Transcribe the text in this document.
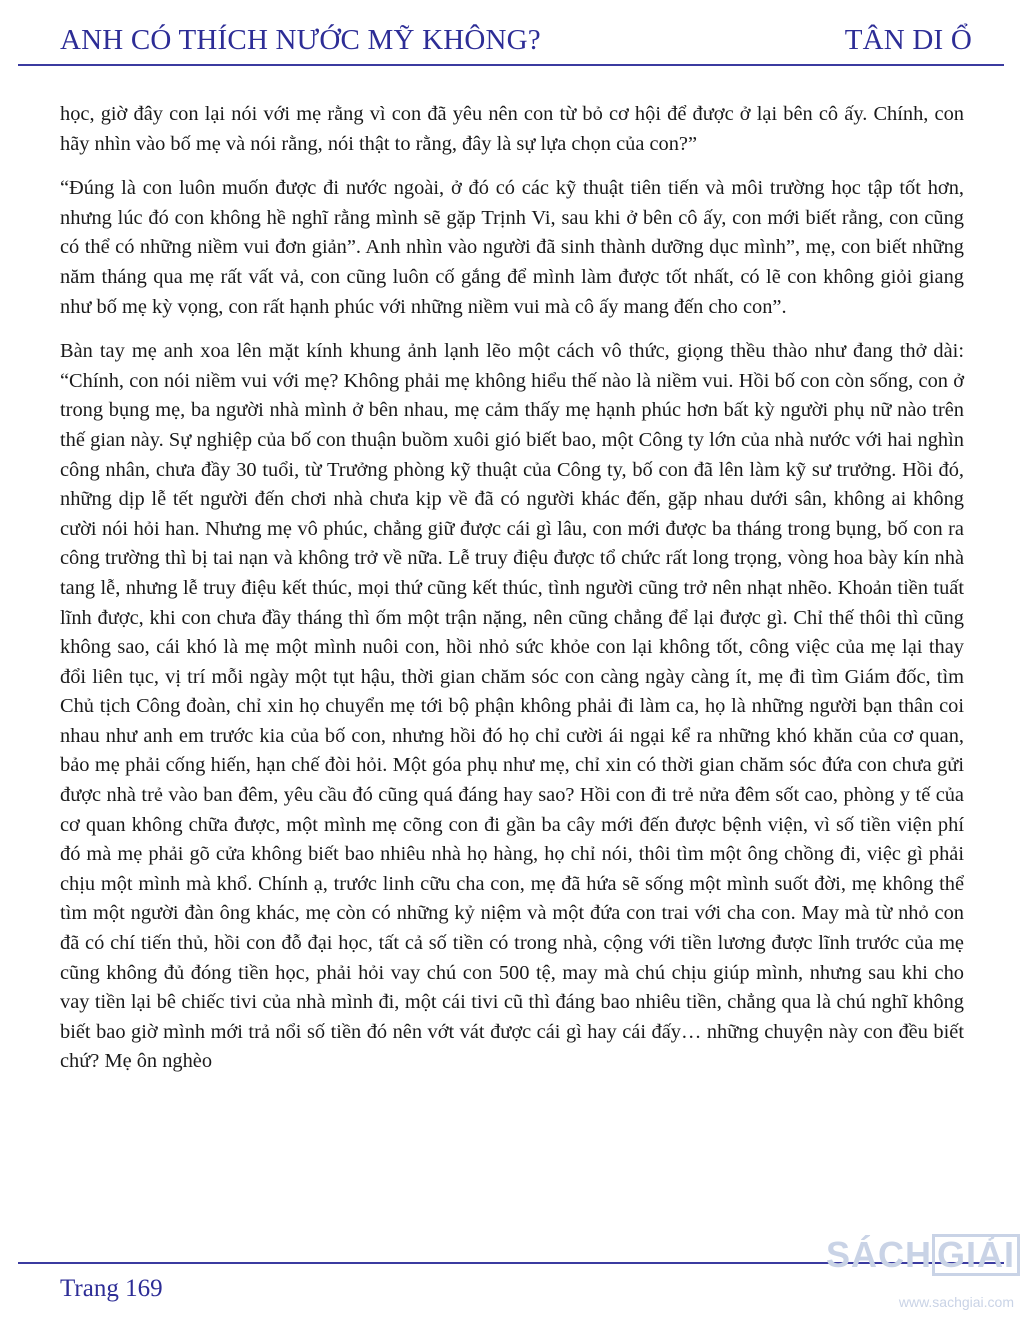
ANH CÓ THÍCH NƯỚC MỸ KHÔNG?	TÂN DI Ổ

học, giờ đây con lại nói với mẹ rằng vì con đã yêu nên con từ bỏ cơ hội để được ở lại bên cô ấy. Chính, con hãy nhìn vào bố mẹ và nói rằng, nói thật to rằng, đây là sự lựa chọn của con?”

“Đúng là con luôn muốn được đi nước ngoài, ở đó có các kỹ thuật tiên tiến và môi trường học tập tốt hơn, nhưng lúc đó con không hề nghĩ rằng mình sẽ gặp Trịnh Vi, sau khi ở bên cô ấy, con mới biết rằng, con cũng có thể có những niềm vui đơn giản”. Anh nhìn vào người đã sinh thành dưỡng dục mình”, mẹ, con biết những năm tháng qua mẹ rất vất vả, con cũng luôn cố gắng để mình làm được tốt nhất, có lẽ con không giỏi giang như bố mẹ kỳ vọng, con rất hạnh phúc với những niềm vui mà cô ấy mang đến cho con”.

Bàn tay mẹ anh xoa lên mặt kính khung ảnh lạnh lẽo một cách vô thức, giọng thều thào như đang thở dài: “Chính, con nói niềm vui với mẹ? Không phải mẹ không hiểu thế nào là niềm vui. Hồi bố con còn sống, con ở trong bụng mẹ, ba người nhà mình ở bên nhau, mẹ cảm thấy mẹ hạnh phúc hơn bất kỳ người phụ nữ nào trên thế gian này. Sự nghiệp của bố con thuận buồm xuôi gió biết bao, một Công ty lớn của nhà nước với hai nghìn công nhân, chưa đầy 30 tuổi, từ Trưởng phòng kỹ thuật của Công ty, bố con đã lên làm kỹ sư trưởng. Hồi đó, những dịp lễ tết người đến chơi nhà chưa kịp về đã có người khác đến, gặp nhau dưới sân, không ai không cười nói hỏi han. Nhưng mẹ vô phúc, chẳng giữ được cái gì lâu, con mới được ba tháng trong bụng, bố con ra công trường thì bị tai nạn và không trở về nữa. Lễ truy điệu được tổ chức rất long trọng, vòng hoa bày kín nhà tang lễ, nhưng lễ truy điệu kết thúc, mọi thứ cũng kết thúc, tình người cũng trở nên nhạt nhẽo. Khoản tiền tuất lĩnh được, khi con chưa đầy tháng thì ốm một trận nặng, nên cũng chẳng để lại được gì. Chỉ thế thôi thì cũng không sao, cái khó là mẹ một mình nuôi con, hồi nhỏ sức khỏe con lại không tốt, công việc của mẹ lại thay đổi liên tục, vị trí mỗi ngày một tụt hậu, thời gian chăm sóc con càng ngày càng ít, mẹ đi tìm Giám đốc, tìm Chủ tịch Công đoàn, chỉ xin họ chuyển mẹ tới bộ phận không phải đi làm ca, họ là những người bạn thân coi nhau như anh em trước kia của bố con, nhưng hồi đó họ chỉ cười ái ngại kể ra những khó khăn của cơ quan, bảo mẹ phải cống hiến, hạn chế đòi hỏi. Một góa phụ như mẹ, chỉ xin có thời gian chăm sóc đứa con chưa gửi được nhà trẻ vào ban đêm, yêu cầu đó cũng quá đáng hay sao? Hồi con đi trẻ nửa đêm sốt cao, phòng y tế của cơ quan không chữa được, một mình mẹ cõng con đi gần ba cây mới đến được bệnh viện, vì số tiền viện phí đó mà mẹ phải gõ cửa không biết bao nhiêu nhà họ hàng, họ chỉ nói, thôi tìm một ông chồng đi, việc gì phải chịu một mình mà khổ. Chính ạ, trước linh cữu cha con, mẹ đã hứa sẽ sống một mình suốt đời, mẹ không thể tìm một người đàn ông khác, mẹ còn có những kỷ niệm và một đứa con trai với cha con. May mà từ nhỏ con đã có chí tiến thủ, hồi con đỗ đại học, tất cả số tiền có trong nhà, cộng với tiền lương được lĩnh trước của mẹ cũng không đủ đóng tiền học, phải hỏi vay chú con 500 tệ, may mà chú chịu giúp mình, nhưng sau khi cho vay tiền lại bê chiếc tivi của nhà mình đi, một cái tivi cũ thì đáng bao nhiêu tiền, chẳng qua là chú nghĩ không biết bao giờ mình mới trả nổi số tiền đó nên vớt vát được cái gì hay cái đấy… những chuyện này con đều biết chứ? Mẹ ôn nghèo

Trang 169
SÁCH GIẢI
www.sachgiai.com
